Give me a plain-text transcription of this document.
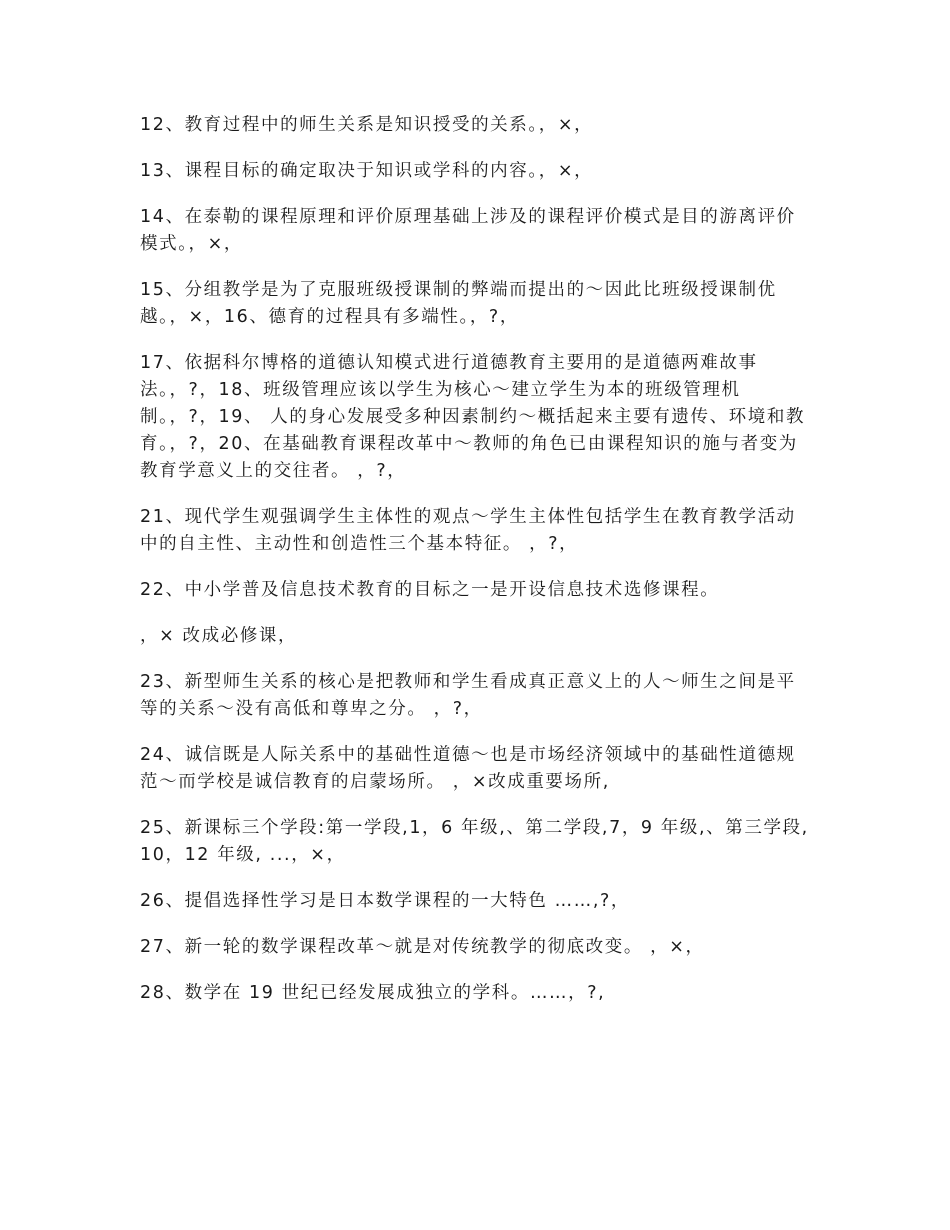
12、教育过程中的师生关系是知识授受的关系。，×，

13、课程目标的确定取决于知识或学科的内容。，×，

14、在泰勒的课程原理和评价原理基础上涉及的课程评价模式是目的游离评价模式。，×，

15、分组教学是为了克服班级授课制的弊端而提出的～因此比班级授课制优越。，×，16、德育的过程具有多端性。，?，

17、依据科尔博格的道德认知模式进行道德教育主要用的是道德两难故事法。，?，18、班级管理应该以学生为核心～建立学生为本的班级管理机制。，?，19、 人的身心发展受多种因素制约～概括起来主要有遗传、环境和教育。，?，20、在基础教育课程改革中～教师的角色已由课程知识的施与者变为教育学意义上的交往者。 ，?，

21、现代学生观强调学生主体性的观点～学生主体性包括学生在教育教学活动中的自主性、主动性和创造性三个基本特征。 ，?，

22、中小学普及信息技术教育的目标之一是开设信息技术选修课程。

，× 改成必修课，

23、新型师生关系的核心是把教师和学生看成真正意义上的人～师生之间是平等的关系～没有高低和尊卑之分。 ，?，

24、诚信既是人际关系中的基础性道德～也是市场经济领域中的基础性道德规范～而学校是诚信教育的启蒙场所。 ，×改成重要场所,

25、新课标三个学段:第一学段,1，6 年级,、第二学段,7，9 年级,、第三学段,10，12 年级, ...，×，

26、提倡选择性学习是日本数学课程的一大特色 ……,?，

27、新一轮的数学课程改革～就是对传统教学的彻底改变。 ，×，

28、数学在 19 世纪已经发展成独立的学科。……，?,
